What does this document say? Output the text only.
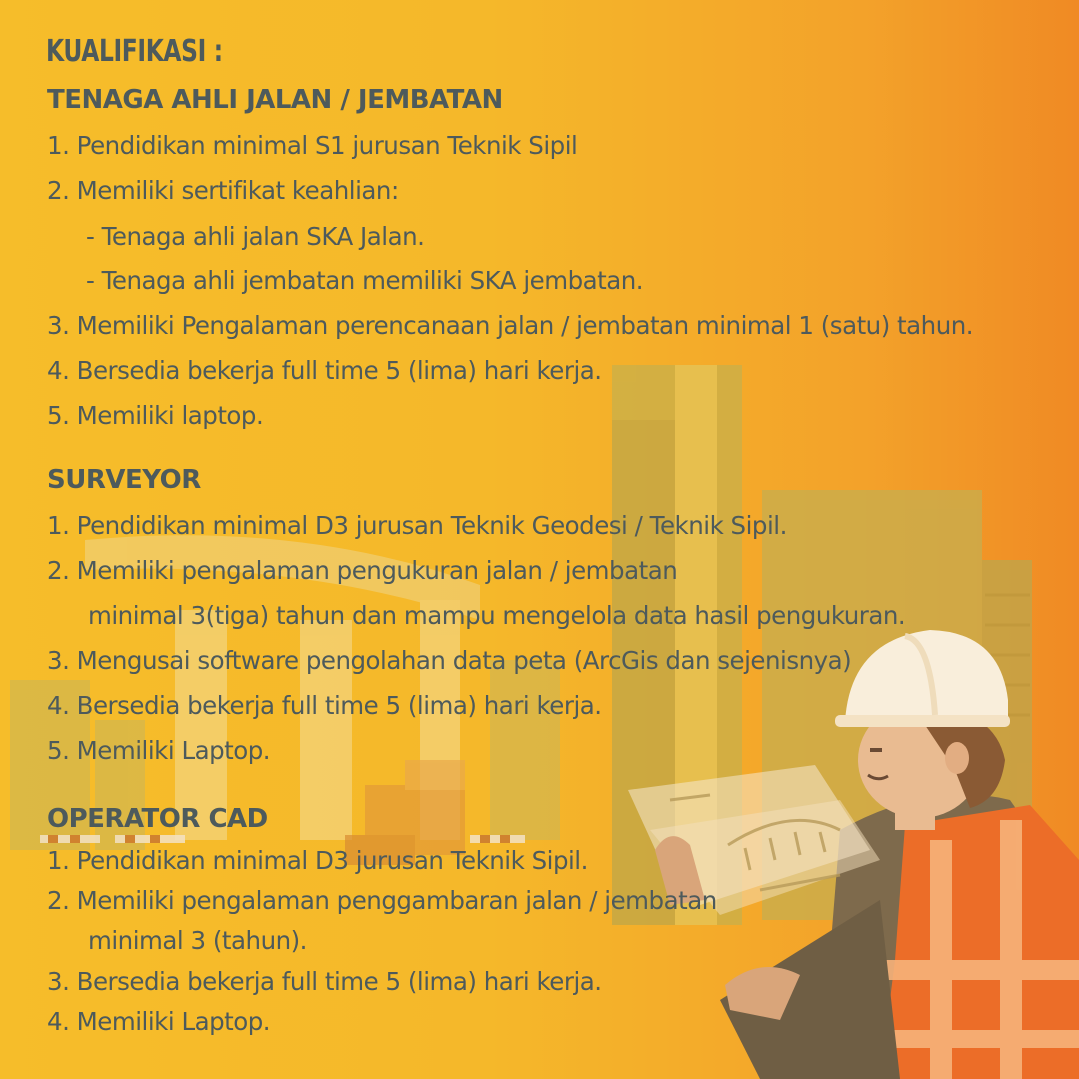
KUALIFIKASI :
TENAGA AHLI JALAN / JEMBATAN
1. Pendidikan minimal S1 jurusan Teknik Sipil
2. Memiliki sertifikat keahlian:
- Tenaga ahli jalan SKA Jalan.
- Tenaga ahli jembatan memiliki SKA jembatan.
3. Memiliki Pengalaman perencanaan jalan / jembatan minimal 1 (satu) tahun.
4. Bersedia bekerja full time 5 (lima) hari kerja.
5. Memiliki laptop.
SURVEYOR
1. Pendidikan minimal D3 jurusan Teknik Geodesi / Teknik Sipil.
2. Memiliki pengalaman pengukuran jalan / jembatan
minimal 3(tiga) tahun dan mampu mengelola data hasil pengukuran.
3. Mengusai software pengolahan data peta (ArcGis dan sejenisnya)
4. Bersedia bekerja full time 5 (lima) hari kerja.
5. Memiliki Laptop.
OPERATOR CAD
1. Pendidikan minimal D3 jurusan Teknik Sipil.
2. Memiliki pengalaman penggambaran jalan / jembatan
minimal 3 (tahun).
3. Bersedia bekerja full time 5 (lima) hari kerja.
4. Memiliki Laptop.
